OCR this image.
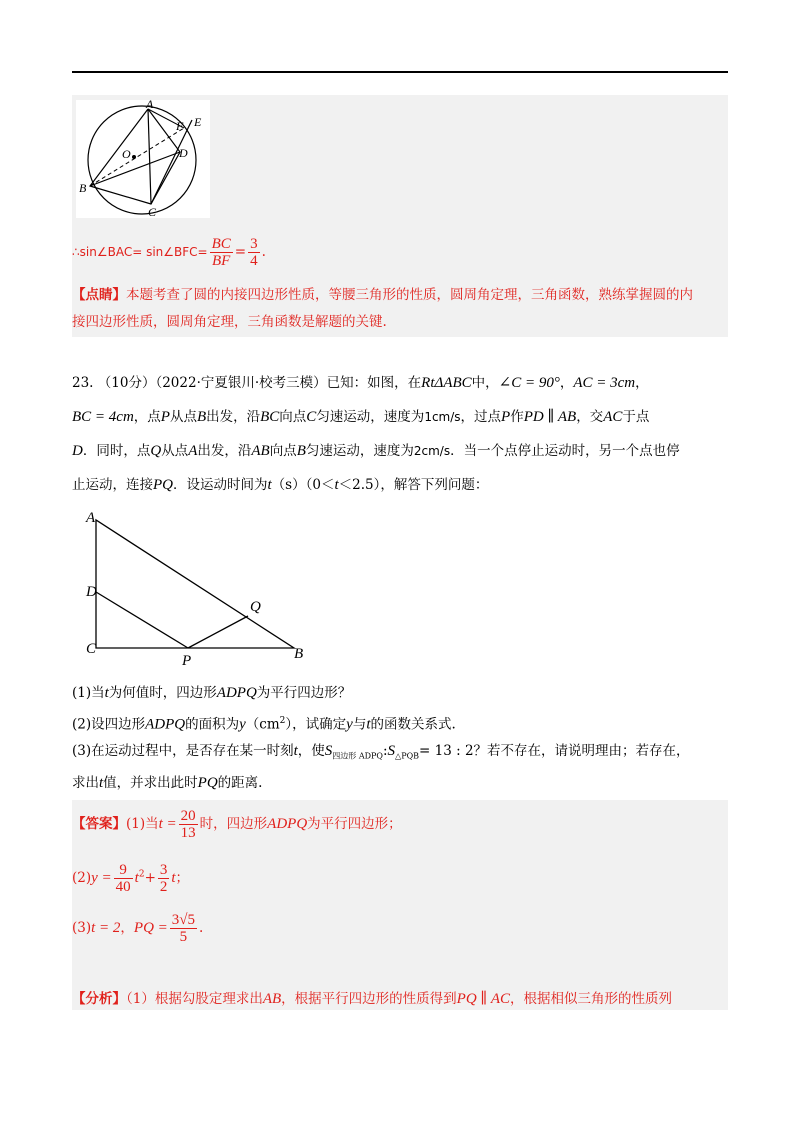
A
F E
O	D
B
C
∴sin∠BAC= sin∠BFC= $\frac{BC}{BF} = \frac{3}{4}$ .
【点睛】本题考查了圆的内接四边形性质，等腰三角形的性质，圆周角定理，三角函数，熟练掌握圆的内
接四边形性质，圆周角定理，三角函数是解题的关键.
23. （10分）（2022·宁夏银川·校考三模）已知：如图，在RtΔABC中，∠C = 90°，AC = 3cm，
BC = 4cm，点P从点B出发，沿BC向点C匀速运动，速度为1cm/s，过点P作PD ∥ AB，交AC于点
D．同时，点Q从点A出发，沿AB向点B匀速运动，速度为2cm/s．当一个点停止运动时，另一个点也停
止运动，连接PQ．设运动时间为t（s）（0＜t＜2.5），解答下列问题：
A
D
C
P
Q
B
(1)当t为何值时，四边形ADPQ为平行四边形？
(2)设四边形ADPQ的面积为$y(cm^2)$，试确定y与t的函数关系式.
(3)在运动过程中，是否存在某一时刻t，使$S_{四边形 ADPQ}:S_{\triangle PQB}= 13$ : 2？若不存在，请说明理由；若存在，
求出t值，并求出此时PQ的距离.
【答案】(1)当$t = \frac{20}{13}$ 时，四边形ADPQ为平行四边形；
$(2)y = \frac{9}{40} t^2+ \frac{3}{2}$ t；
(3)t = 2，PQ = $\frac{3√5}{5}$ .
【分析】（1）根据勾股定理求出AB，根据平行四边形的性质得到PQ ∥ AC，根据相似三角形的性质列
